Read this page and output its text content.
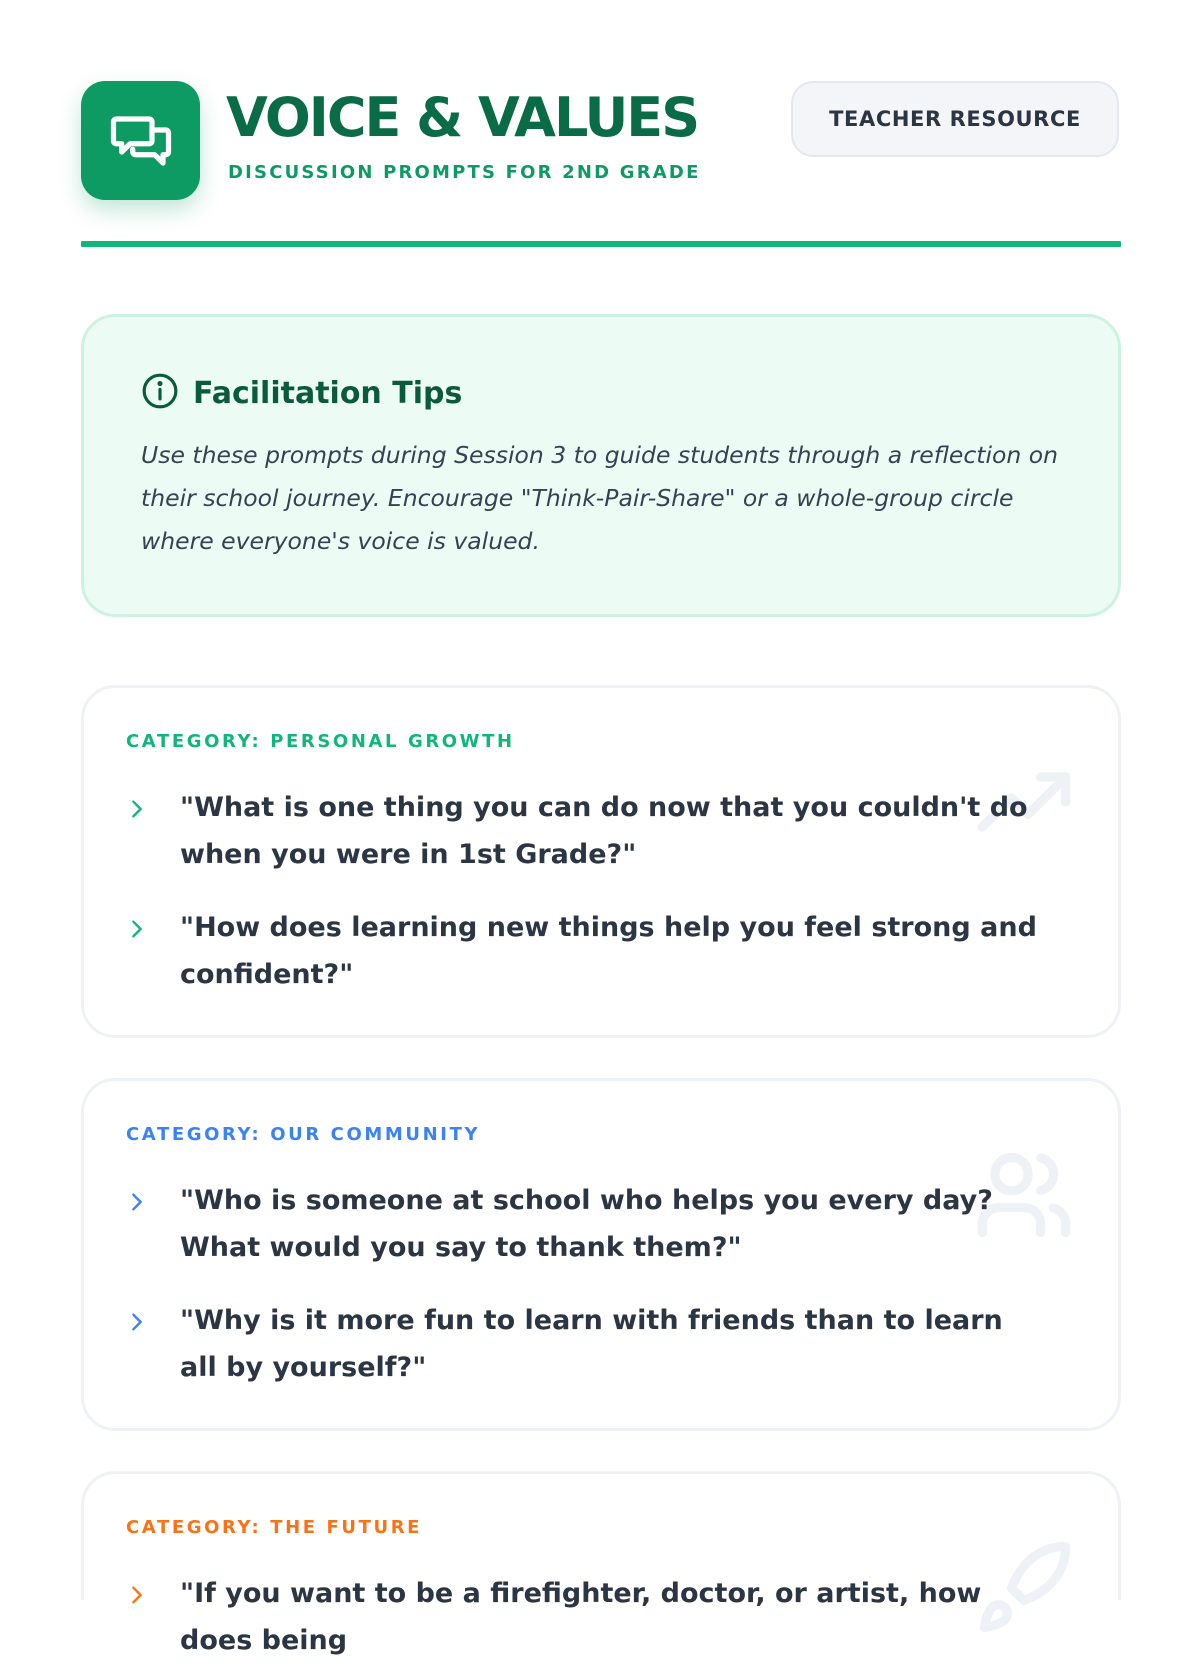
VOICE & VALUES

DISCUSSION PROMPTS FOR 2ND GRADE

TEACHER RESOURCE
Facilitation Tips

Use these prompts during Session 3 to guide students through a reflection on their school journey. Encourage "Think-Pair-Share" or a whole-group circle where everyone's voice is valued.

CATEGORY: PERSONAL GROWTH

"What is one thing you can do now that you couldn't do when you were in 1st Grade?"
"How does learning new things help you feel strong and confident?"

CATEGORY: OUR COMMUNITY

"Who is someone at school who helps you every day? What would you say to thank them?"
"Why is it more fun to learn with friends than to learn all by yourself?"

CATEGORY: THE FUTURE

"If you want to be a firefighter, doctor, or artist, how does being
